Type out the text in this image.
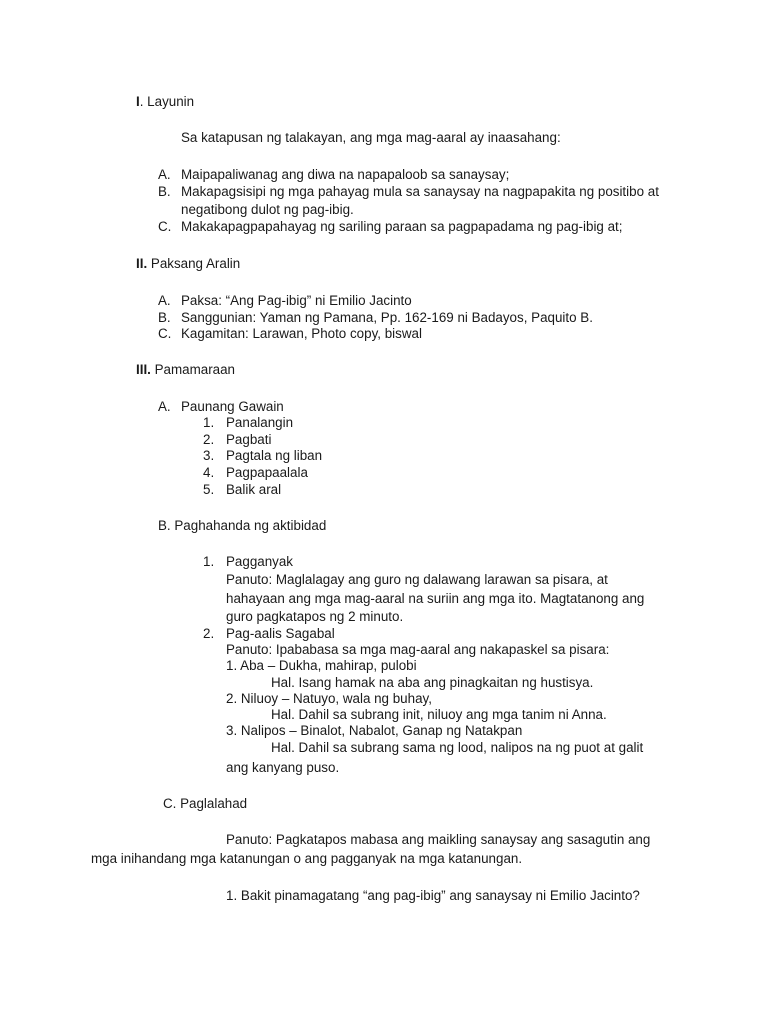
I. Layunin
Sa katapusan ng talakayan, ang mga mag-aaral ay inaasahang:
A. Maipapaliwanag ang diwa na napapaloob sa sanaysay;
B. Makapagsisipi ng mga pahayag mula sa sanaysay na nagpapakita ng positibo at
negatibong dulot ng pag-ibig.
C. Makakapagpapahayag ng sariling paraan sa pagpapadama ng pag-ibig at;
II. Paksang Aralin
A. Paksa: “Ang Pag-ibig” ni Emilio Jacinto
B. Sanggunian: Yaman ng Pamana, Pp. 162-169 ni Badayos, Paquito B.
C. Kagamitan: Larawan, Photo copy, biswal
III. Pamamaraan
A. Paunang Gawain
1. Panalangin
2. Pagbati
3. Pagtala ng liban
4. Pagpapaalala
5. Balik aral
B. Paghahanda ng aktibidad
1. Pagganyak
Panuto: Maglalagay ang guro ng dalawang larawan sa pisara, at
hahayaan ang mga mag-aaral na suriin ang mga ito. Magtatanong ang
guro pagkatapos ng 2 minuto.
2. Pag-aalis Sagabal
Panuto: Ipababasa sa mga mag-aaral ang nakapaskel sa pisara:
1. Aba – Dukha, mahirap, pulobi
Hal. Isang hamak na aba ang pinagkaitan ng hustisya.
2. Niluoy – Natuyo, wala ng buhay,
Hal. Dahil sa subrang init, niluoy ang mga tanim ni Anna.
3. Nalipos – Binalot, Nabalot, Ganap ng Natakpan
Hal. Dahil sa subrang sama ng lood, nalipos na ng puot at galit
ang kanyang puso.
C. Paglalahad
Panuto: Pagkatapos mabasa ang maikling sanaysay ang sasagutin ang
mga inihandang mga katanungan o ang pagganyak na mga katanungan.
1. Bakit pinamagatang “ang pag-ibig” ang sanaysay ni Emilio Jacinto?
